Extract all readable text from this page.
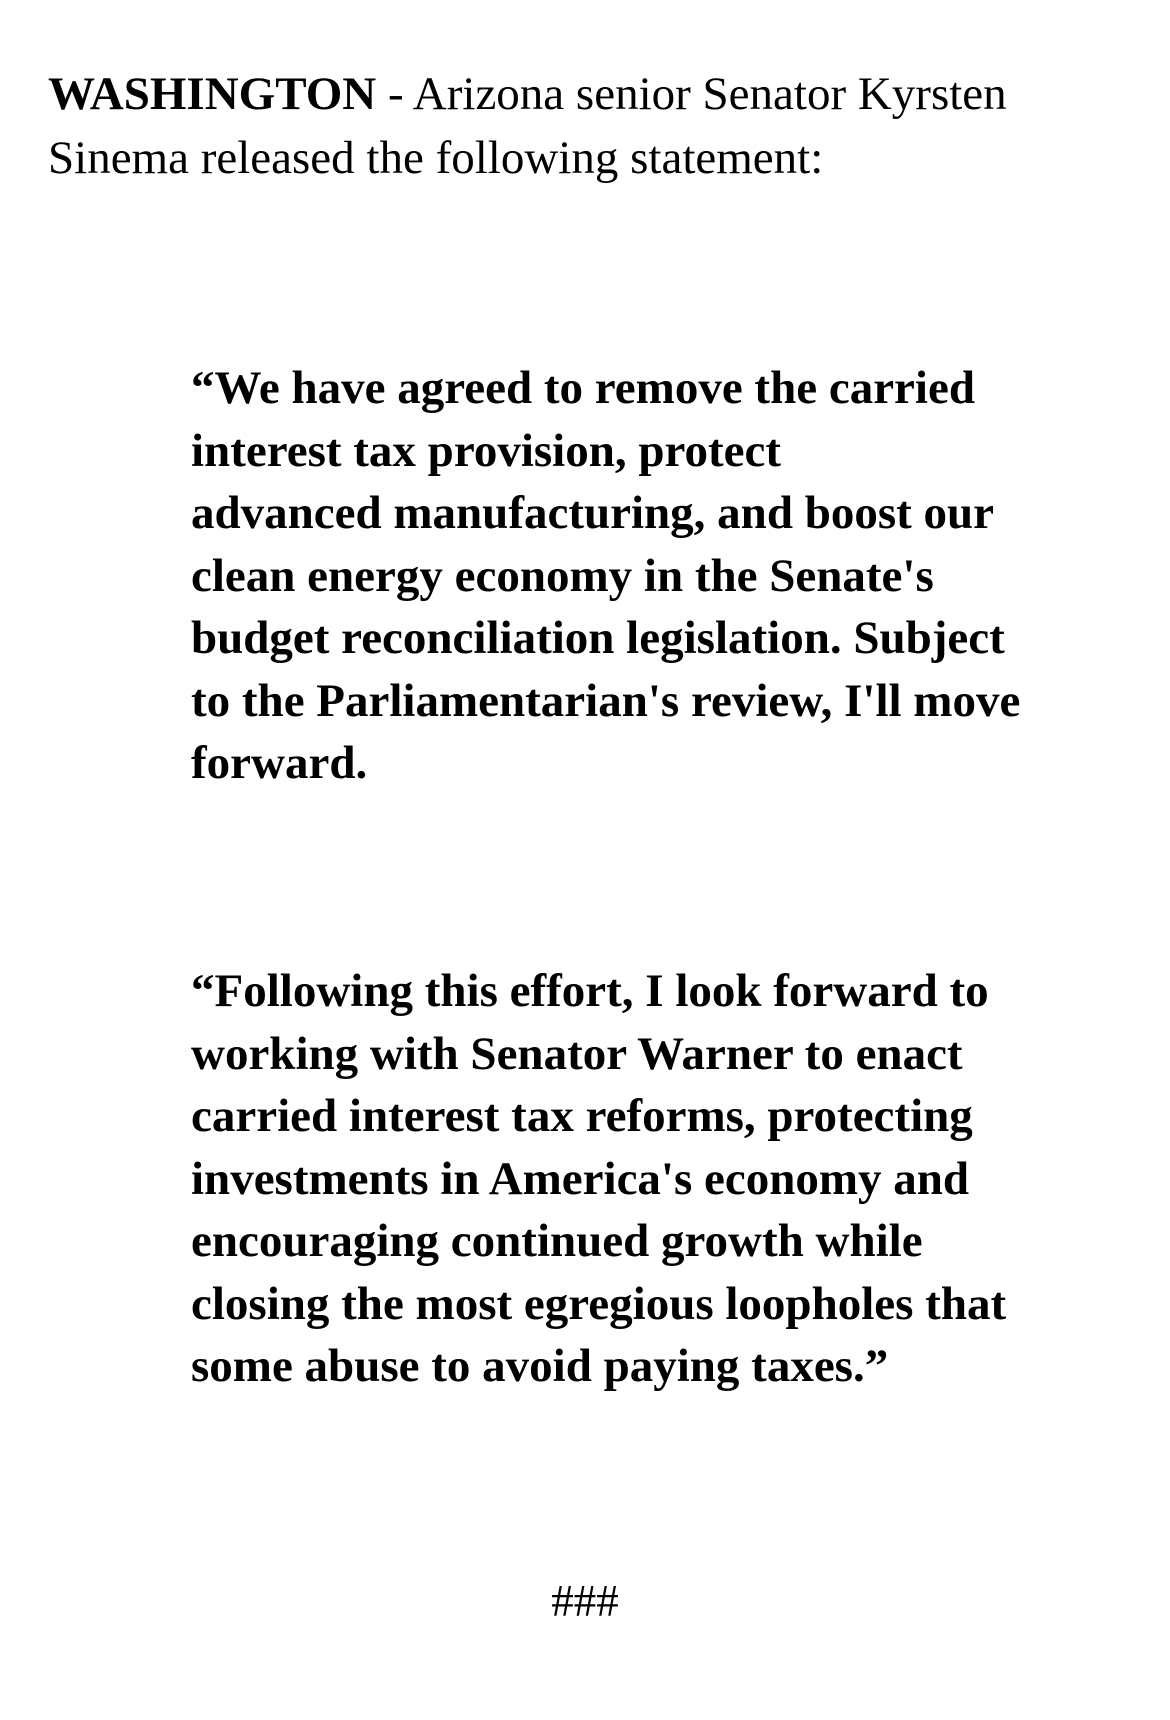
WASHINGTON - Arizona senior Senator Kyrsten
Sinema released the following statement:
“We have agreed to remove the carried
interest tax provision, protect
advanced manufacturing, and boost our
clean energy economy in the Senate's
budget reconciliation legislation. Subject
to the Parliamentarian's review, I'll move
forward.
“Following this effort, I look forward to
working with Senator Warner to enact
carried interest tax reforms, protecting
investments in America's economy and
encouraging continued growth while
closing the most egregious loopholes that
some abuse to avoid paying taxes.”
###
